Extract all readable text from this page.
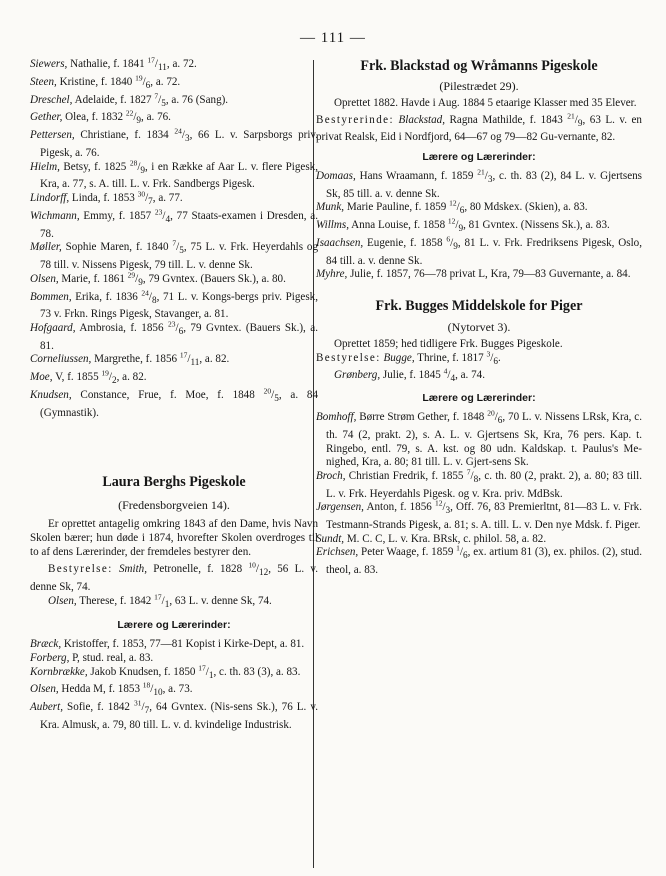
— 111 —

Siewers, Nathalie, f. 1841 $^{17}/_{11}$, a. 72.

Steen, Kristine, f. 1840 $^{19}/_6$, a. 72.

Dreschel, Adelaide, f. 1827 $^7/_5$, a. 76 (Sang).

Gether, Olea, f. 1832 $^{22}/_9$, a. 76.

Pettersen, Christiane, f. 1834 $^{24}/_3$, 66 L. v. Sarpsborgs priv. Pigesk, a. 76.

Hielm, Betsy, f. 1825 $^{28}/_9$, i en Række af Aar L. v. flere Pigesk, Kra, a. 77, s. A. till. L. v. Frk. Sandbergs Pigesk.

Lindorff, Linda, f. 1853 $^{30}/_7$, a. 77.

Wichmann, Emmy, f. 1857 $^{23}/_4$, 77 Staats-examen i Dresden, a. 78.

Møller, Sophie Maren, f. 1840 $^7/_5$, 75 L. v. Frk. Heyerdahls og 78 till. v. Nissens Pigesk, 79 till. L. v. denne Sk.

Olsen, Marie, f. 1861 $^{29}/_9$, 79 Gvntex. (Bauers Sk.), a. 80.

Bommen, Erika, f. 1836 $^{24}/_8$, 71 L. v. Kongs-bergs priv. Pigesk, 73 v. Frkn. Rings Pigesk, Stavanger, a. 81.

Hofgaard, Ambrosia, f. 1856 $^{23}/_6$, 79 Gvntex. (Bauers Sk.), a. 81.

Corneliussen, Margrethe, f. 1856 $^{17}/_{11}$, a. 82.

Moe, V, f. 1855 $^{19}/_2$, a. 82.

Knudsen, Constance, Frue, f. Moe, f. 1848 $^{20}/_5$, a. 84 (Gymnastik).

Laura Berghs Pigeskole

(Fredensborgveien 14).

Er oprettet antagelig omkring 1843 af den Dame, hvis Navn Skolen bærer; hun døde i 1874, hvorefter Skolen overdroges til to af dens Lærerinder, der fremdeles bestyrer den.

Bestyrelse: Smith, Petronelle, f. 1828 $^{10}/_{12}$, 56 L. v. denne Sk, 74.

Olsen, Therese, f. 1842 $^{17}/_1$, 63 L. v. denne Sk, 74.

Lærere og Lærerinder:

Bræck, Kristoffer, f. 1853, 77—81 Kopist i Kirke-Dept, a. 81.

Forberg, P, stud. real, a. 83.

Kornbrække, Jakob Knudsen, f. 1850 $^{17}/_1$, c. th. 83 (3), a. 83.

Olsen, Hedda M, f. 1853 $^{18}/_{10}$, a. 73.

Aubert, Sofie, f. 1842 $^{31}/_7$, 64 Gvntex. (Nis-sens Sk.), 76 L. v. Kra. Almusk, a. 79, 80 till. L. v. d. kvindelige Industrisk.

Frk. Blackstad og Wråmanns Pigeskole

(Pilestrædet 29).

Oprettet 1882. Havde i Aug. 1884 5 etaarige Klasser med 35 Elever.

Bestyrerinde: Blackstad, Ragna Mathilde, f. 1843 $^{21}/_9$, 63 L. v. en privat Realsk, Eid i Nordfjord, 64—67 og 79—82 Gu-vernante, 82.

Lærere og Lærerinder:

Domaas, Hans Wraamann, f. 1859 $^{21}/_3$, c. th. 83 (2), 84 L. v. Gjertsens Sk, 85 till. a. v. denne Sk.

Munk, Marie Pauline, f. 1859 $^{12}/_6$, 80 Mdskex. (Skien), a. 83.

Willms, Anna Louise, f. 1858 $^{12}/_9$, 81 Gvntex. (Nissens Sk.), a. 83.

Isaachsen, Eugenie, f. 1858 $^6/_9$, 81 L. v. Frk. Fredriksens Pigesk, Oslo, 84 till. a. v. denne Sk.

Myhre, Julie, f. 1857, 76—78 privat L, Kra, 79—83 Guvernante, a. 84.

Frk. Bugges Middelskole for Piger

(Nytorvet 3).

Oprettet 1859; hed tidligere Frk. Bugges Pigeskole.

Bestyrelse: Bugge, Thrine, f. 1817 $^3/_6$.

Grønberg, Julie, f. 1845 $^4/_4$, a. 74.

Lærere og Lærerinder:

Bomhoff, Børre Strøm Gether, f. 1848 $^{20}/_6$, 70 L. v. Nissens LRsk, Kra, c. th. 74 (2, prakt. 2), s. A. L. v. Gjertsens Sk, Kra, 76 pers. Kap. t. Ringebo, entl. 79, s. A. kst. og 80 udn. Kaldskap. t. Paulus's Me-nighed, Kra, a. 80; 81 till. L. v. Gjert-sens Sk.

Broch, Christian Fredrik, f. 1855 $^7/_8$, c. th. 80 (2, prakt. 2), a. 80; 83 till. L. v. Frk. Heyerdahls Pigesk. og v. Kra. priv. MdBsk.

Jørgensen, Anton, f. 1856 $^{12}/_3$, Off. 76, 83 Premierltnt, 81—83 L. v. Frk. Testmann-Strands Pigesk, a. 81; s. A. till. L. v. Den nye Mdsk. f. Piger.

Sundt, M. C. C, L. v. Kra. BRsk, c. philol. 58, a. 82.

Erichsen, Peter Waage, f. 1859 $^1/_6$, ex. artium 81 (3), ex. philos. (2), stud. theol, a. 83.
